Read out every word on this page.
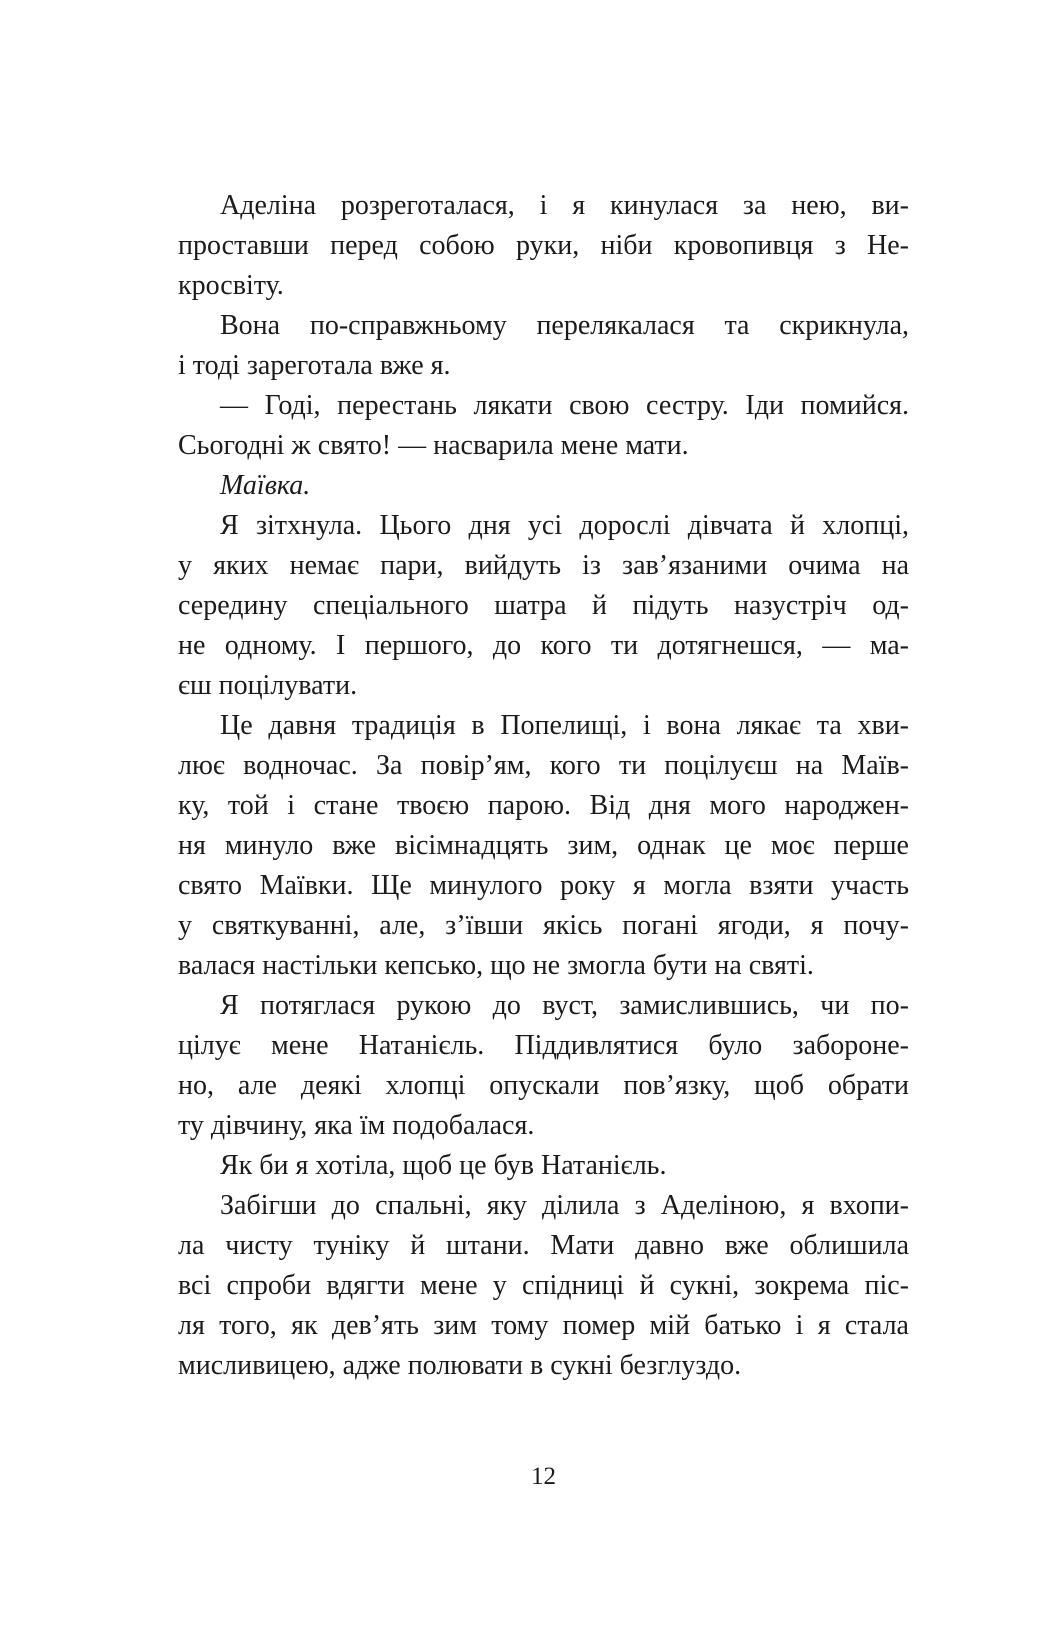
Аделіна розреготалася, і я кинулася за нею, ви-
проставши перед собою руки, ніби кровопивця з Не-
кросвіту.
Вона по-справжньому перелякалася та скрикнула,
і тоді зареготала вже я.
— Годі, перестань лякати свою сестру. Іди помийся.
Сьогодні ж свято! — насварила мене мати.
Маївка.
Я зітхнула. Цього дня усі дорослі дівчата й хлопці,
у яких немає пари, вийдуть із зав’язаними очима на
середину спеціального шатра й підуть назустріч од-
не одному. І першого, до кого ти дотягнешся, — ма-
єш поцілувати.
Це давня традиція в Попелищі, і вона лякає та хви-
лює водночас. За повір’ям, кого ти поцілуєш на Маїв-
ку, той і стане твоєю парою. Від дня мого народжен-
ня минуло вже вісімнадцять зим, однак це моє перше
свято Маївки. Ще минулого року я могла взяти участь
у святкуванні, але, з’ївши якісь погані ягоди, я почу-
валася настільки кепсько, що не змогла бути на святі.
Я потяглася рукою до вуст, замислившись, чи по-
цілує мене Натанієль. Піддивлятися було забороне-
но, але деякі хлопці опускали пов’язку, щоб обрати
ту дівчину, яка їм подобалася.
Як би я хотіла, щоб це був Натанієль.
Забігши до спальні, яку ділила з Аделіною, я вхопи-
ла чисту туніку й штани. Мати давно вже облишила
всі спроби вдягти мене у спідниці й сукні, зокрема піс-
ля того, як дев’ять зим тому помер мій батько і я стала
мисливицею, адже полювати в сукні безглуздо.
12
